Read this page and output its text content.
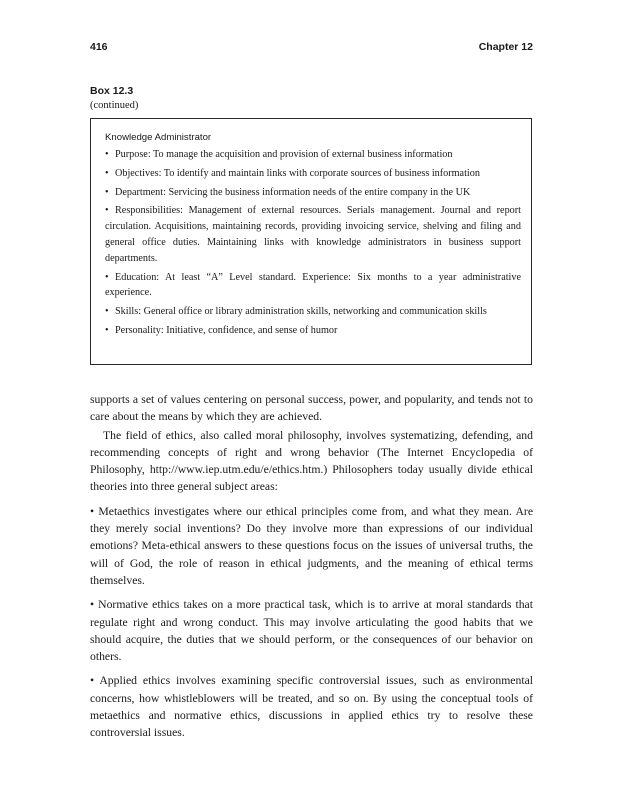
416	Chapter 12
Box 12.3
(continued)
Knowledge Administrator
• Purpose: To manage the acquisition and provision of external business information
• Objectives: To identify and maintain links with corporate sources of business information
• Department: Servicing the business information needs of the entire company in the UK
• Responsibilities: Management of external resources. Serials management. Journal and report circulation. Acquisitions, maintaining records, providing invoicing service, shelving and filing and general office duties. Maintaining links with knowledge administrators in business support departments.
• Education: At least “A” Level standard. Experience: Six months to a year administrative experience.
• Skills: General office or library administration skills, networking and communication skills
• Personality: Initiative, confidence, and sense of humor

supports a set of values centering on personal success, power, and popularity, and tends not to care about the means by which they are achieved.

The field of ethics, also called moral philosophy, involves systematizing, defending, and recommending concepts of right and wrong behavior (The Internet Encyclopedia of Philosophy, http://www.iep.utm.edu/e/ethics.htm.) Philosophers today usually divide ethical theories into three general subject areas:

• Metaethics investigates where our ethical principles come from, and what they mean. Are they merely social inventions? Do they involve more than expressions of our individual emotions? Meta-ethical answers to these questions focus on the issues of universal truths, the will of God, the role of reason in ethical judgments, and the meaning of ethical terms themselves.

• Normative ethics takes on a more practical task, which is to arrive at moral standards that regulate right and wrong conduct. This may involve articulating the good habits that we should acquire, the duties that we should perform, or the consequences of our behavior on others.

• Applied ethics involves examining specific controversial issues, such as environmental concerns, how whistleblowers will be treated, and so on. By using the conceptual tools of metaethics and normative ethics, discussions in applied ethics try to resolve these controversial issues.
